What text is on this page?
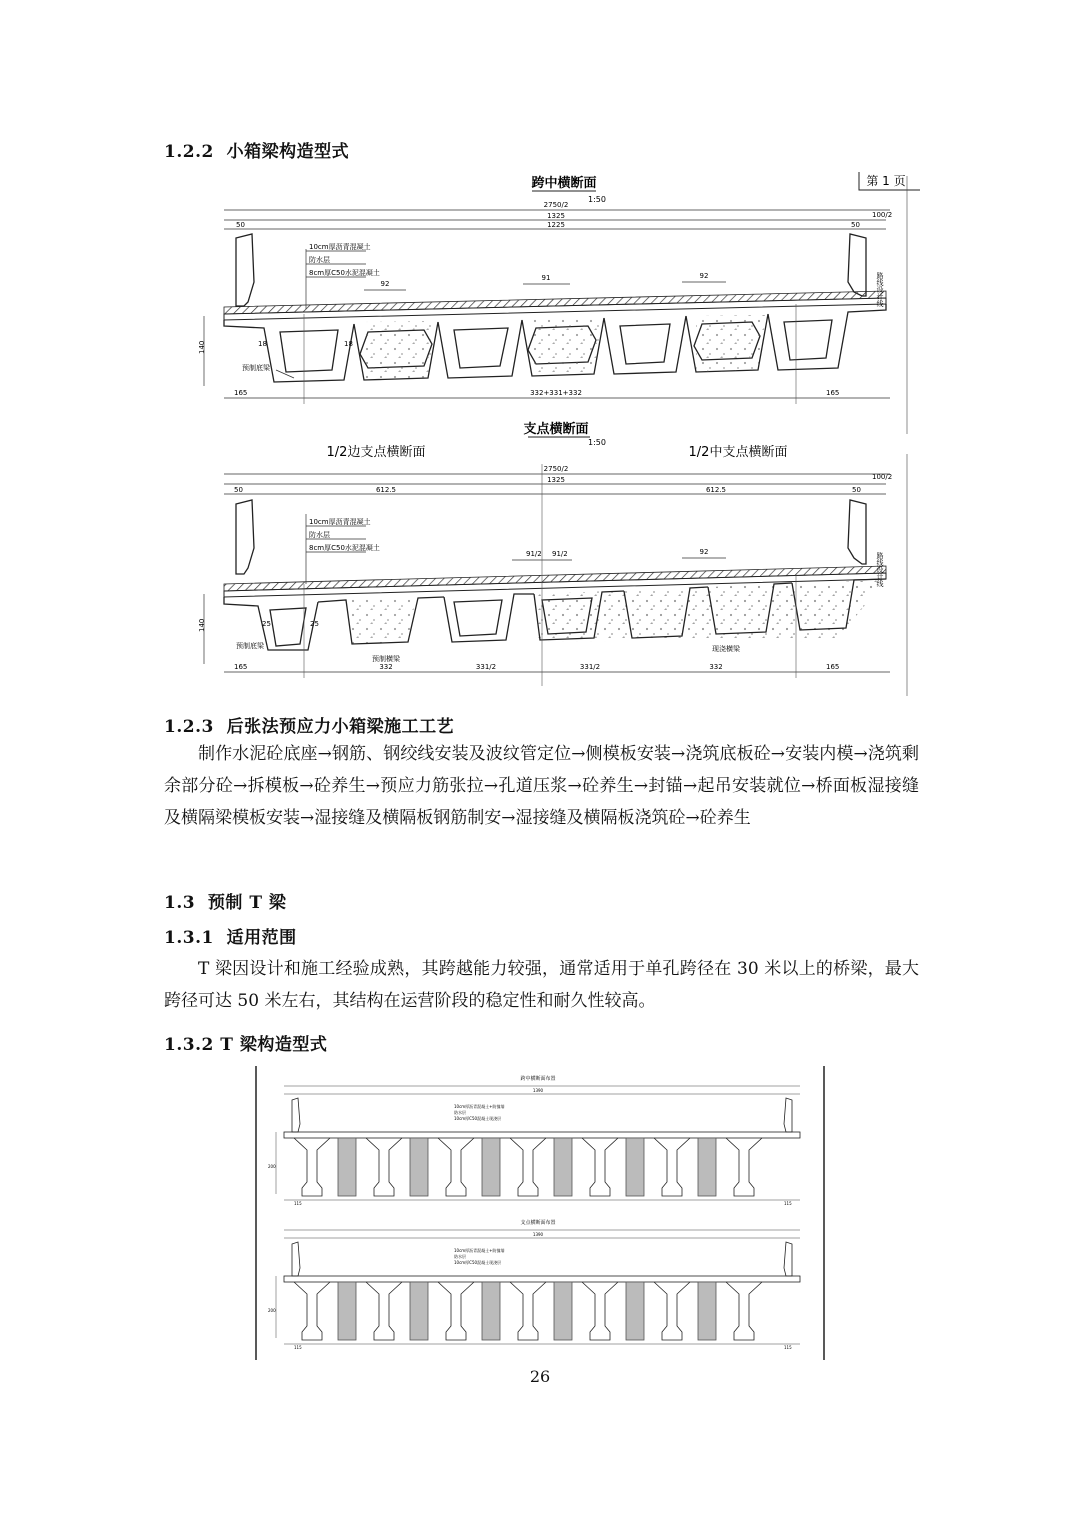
1.2.2 小箱梁构造型式
第 1 页
跨中横断面
1:50
2750/2
1325
50	1225	50
100/2
10cm厚沥青混凝土
防水层
8cm厚C50水泥混凝土
92
91	92
140	18	18
预制底梁
路线设计线
165	332+331+332	165
支点横断面
1:50
1/2边支点横断面	1/2中支点横断面
2750/2
100/2
1325
50	612.5	612.5	50
10cm厚沥青混凝土
防水层
8cm厚C50水泥混凝土
91/2 91/2	92
25	25
140
预制底梁
预制横梁
现浇横梁
路线设计线
165	332	331/2	331/2	332	165
1.2.3 后张法预应力小箱梁施工工艺

制作水泥砼底座→钢筋、钢绞线安装及波纹管定位→侧模板安装→浇筑底板砼→安装内模→浇筑剩余部分砼→拆模板→砼养生→预应力筋张拉→孔道压浆→砼养生→封锚→起吊安装就位→桥面板湿接缝及横隔梁模板安装→湿接缝及横隔板钢筋制安→湿接缝及横隔板浇筑砼→砼养生

1.3 预制 T 梁
1.3.1 适用范围

T 梁因设计和施工经验成熟，其跨越能力较强，通常适用于单孔跨径在 30 米以上的桥梁，最大跨径可达 50 米左右，其结构在运营阶段的稳定性和耐久性较高。

1.3.2 T 梁构造型式
跨中横断面布置
1390
10cm厚沥青混凝土+防撞墙
防水层
10cm厚C50混凝土现浇层
115	115
200
支点横断面布置
1390
10cm厚沥青混凝土+防撞墙
防水层
10cm厚C50混凝土现浇层
115	115
200
26
